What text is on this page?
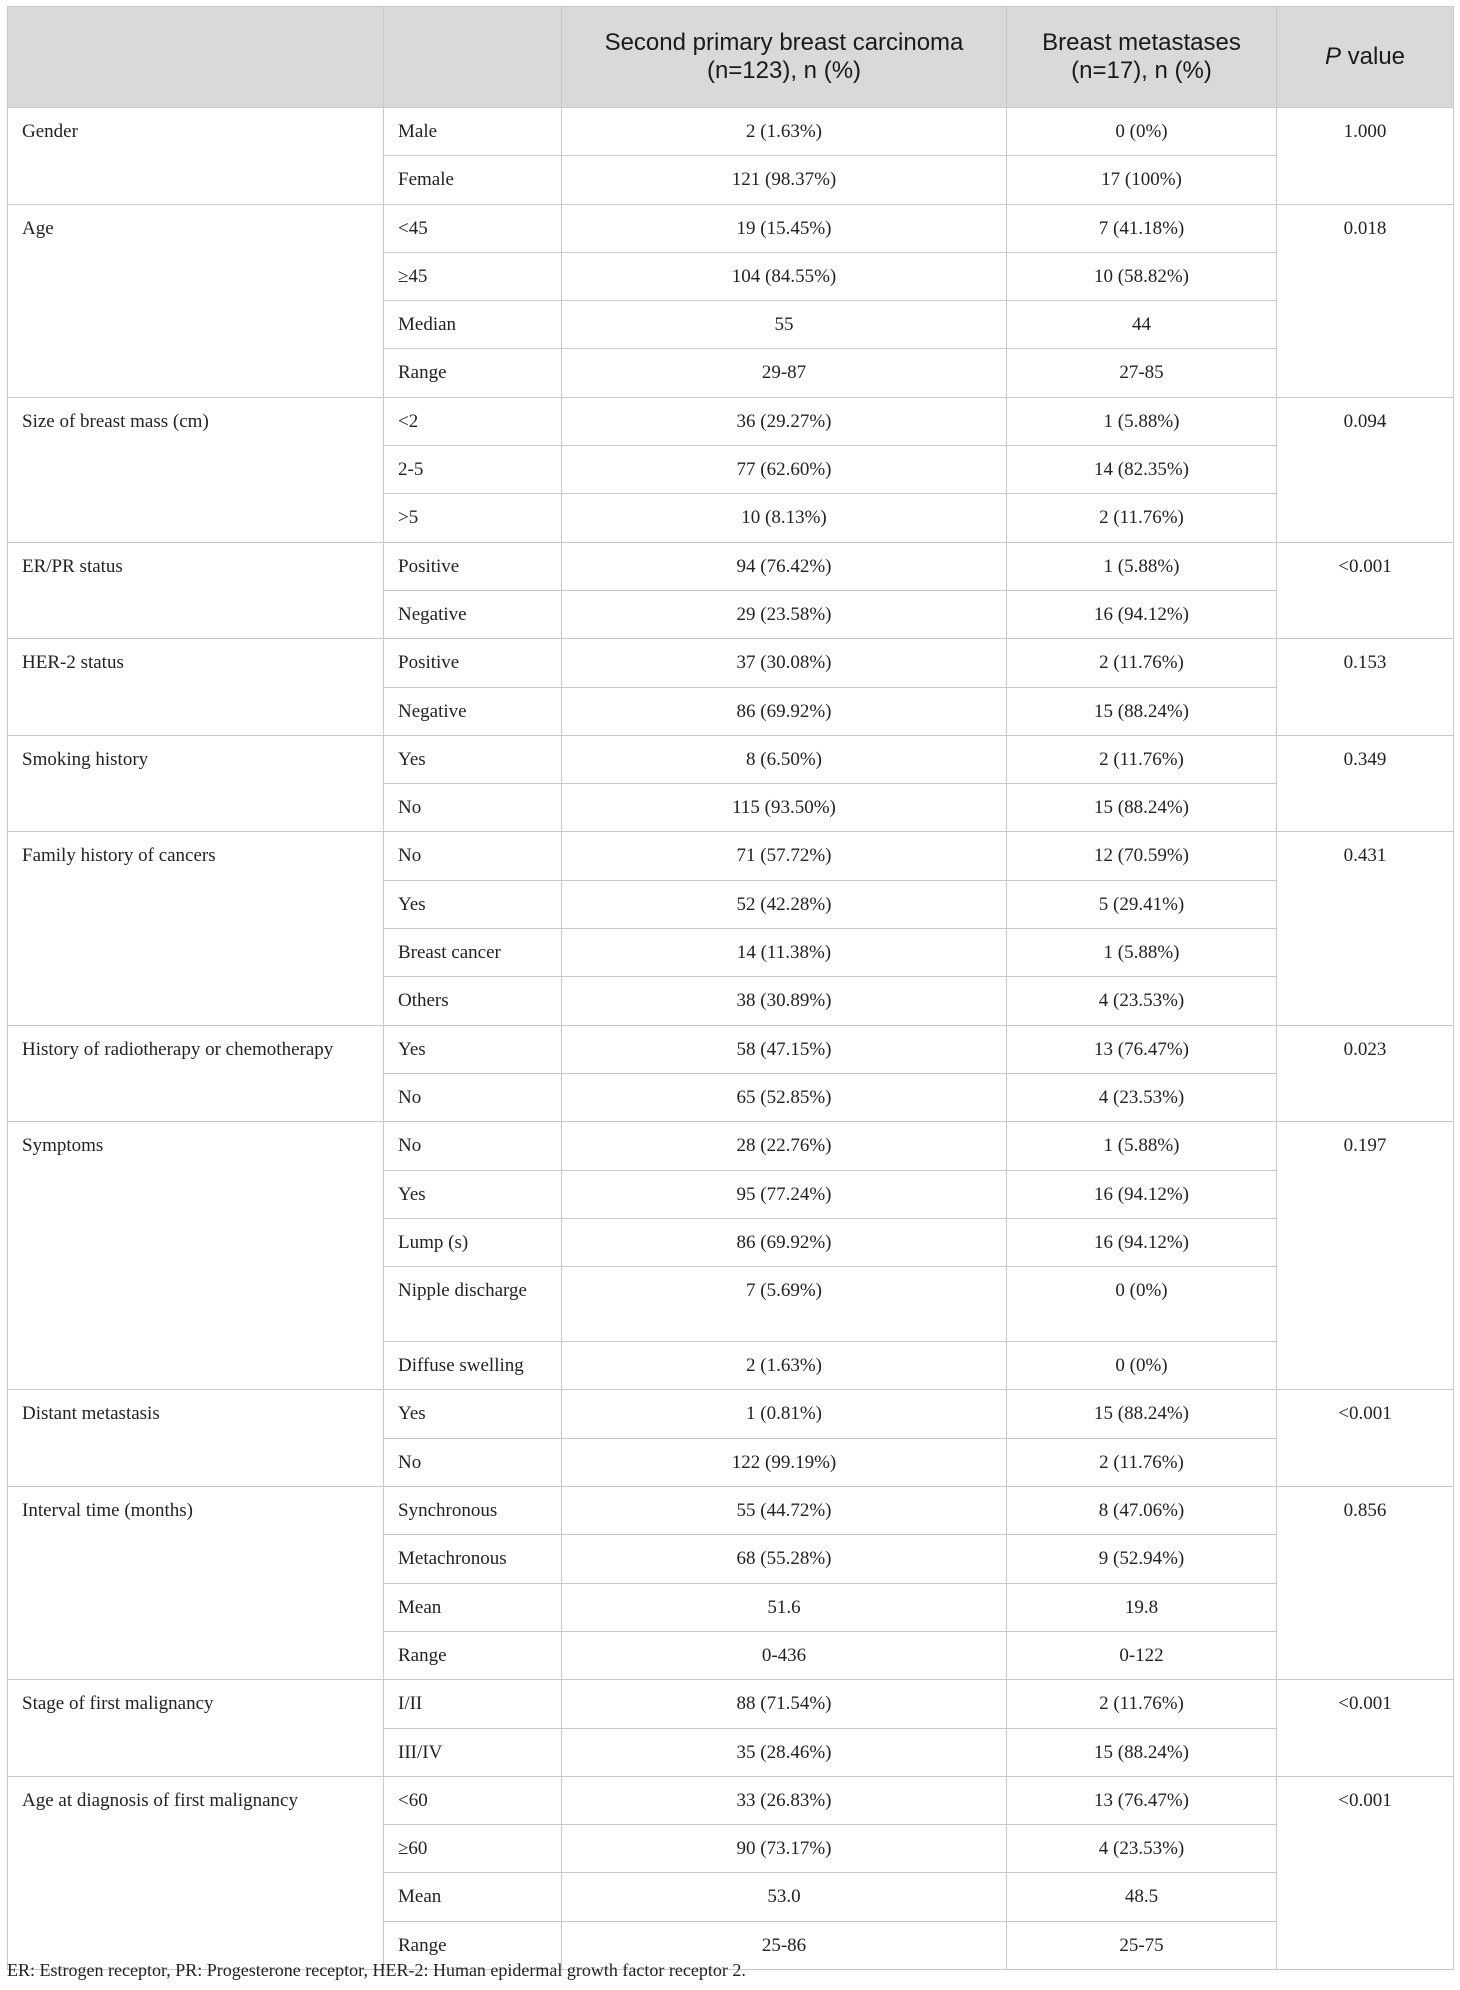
		Second primary breast carcinoma (n=123), n (%)	Breast metastases (n=17), n (%)	P value
Gender	Male	2 (1.63%)	0 (0%)	1.000
	Female	121 (98.37%)	17 (100%)	
Age	<45	19 (15.45%)	7 (41.18%)	0.018
	≥45	104 (84.55%)	10 (58.82%)	
	Median	55	44	
	Range	29-87	27-85	
Size of breast mass (cm)	<2	36 (29.27%)	1 (5.88%)	0.094
	2-5	77 (62.60%)	14 (82.35%)	
	>5	10 (8.13%)	2 (11.76%)	
ER/PR status	Positive	94 (76.42%)	1 (5.88%)	<0.001
	Negative	29 (23.58%)	16 (94.12%)	
HER-2 status	Positive	37 (30.08%)	2 (11.76%)	0.153
	Negative	86 (69.92%)	15 (88.24%)	
Smoking history	Yes	8 (6.50%)	2 (11.76%)	0.349
	No	115 (93.50%)	15 (88.24%)	
Family history of cancers	No	71 (57.72%)	12 (70.59%)	0.431
	Yes	52 (42.28%)	5 (29.41%)	
	Breast cancer	14 (11.38%)	1 (5.88%)	
	Others	38 (30.89%)	4 (23.53%)	
History of radiotherapy or chemotherapy	Yes	58 (47.15%)	13 (76.47%)	0.023
	No	65 (52.85%)	4 (23.53%)	
Symptoms	No	28 (22.76%)	1 (5.88%)	0.197
	Yes	95 (77.24%)	16 (94.12%)	
	Lump (s)	86 (69.92%)	16 (94.12%)	
	Nipple discharge	7 (5.69%)	0 (0%)	
	Diffuse swelling	2 (1.63%)	0 (0%)	
Distant metastasis	Yes	1 (0.81%)	15 (88.24%)	<0.001
	No	122 (99.19%)	2 (11.76%)	
Interval time (months)	Synchronous	55 (44.72%)	8 (47.06%)	0.856
	Metachronous	68 (55.28%)	9 (52.94%)	
	Mean	51.6	19.8	
	Range	0-436	0-122	
Stage of first malignancy	I/II	88 (71.54%)	2 (11.76%)	<0.001
	III/IV	35 (28.46%)	15 (88.24%)	
Age at diagnosis of first malignancy	<60	33 (26.83%)	13 (76.47%)	<0.001
	≥60	90 (73.17%)	4 (23.53%)	
	Mean	53.0	48.5	
	Range	25-86	25-75	
ER: Estrogen receptor, PR: Progesterone receptor, HER-2: Human epidermal growth factor receptor 2.
